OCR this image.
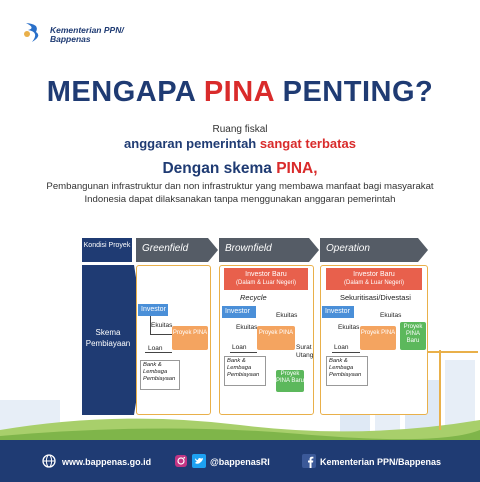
Kementerian PPN/
Bappenas
MENGAPA PINA PENTING?
Ruang fiskal
anggaran pemerintah sangat terbatas
Dengan skema PINA,
Pembangunan infrastruktur dan non infrastruktur yang membawa manfaat bagi masyarakat
Indonesia dapat dilaksanakan tanpa menggunakan anggaran pemerintah
Kondisi Proyek
Skema Pembiayaan
Greenfield	Brownfield	Operation
Investor
Ekuitas
Proyek PINA
Loan
Bank & Lembaga Pembiayaan
Investor Baru
(Dalam & Luar Negeri)
Recycle
Investor
Ekuitas
Ekuitas
Proyek PINA
Surat Utang
Loan
Bank & Lembaga Pembiayaan	Proyek PINA Baru
Investor Baru
(Dalam & Luar Negeri)
Sekuritisasi/Divestasi
Investor
Ekuitas
Ekuitas
Proyek PINA
Proyek PINA Baru
Loan
Bank & Lembaga Pembiayaan
www.bappenas.go.id	@bappenasRI	Kementerian PPN/Bappenas
